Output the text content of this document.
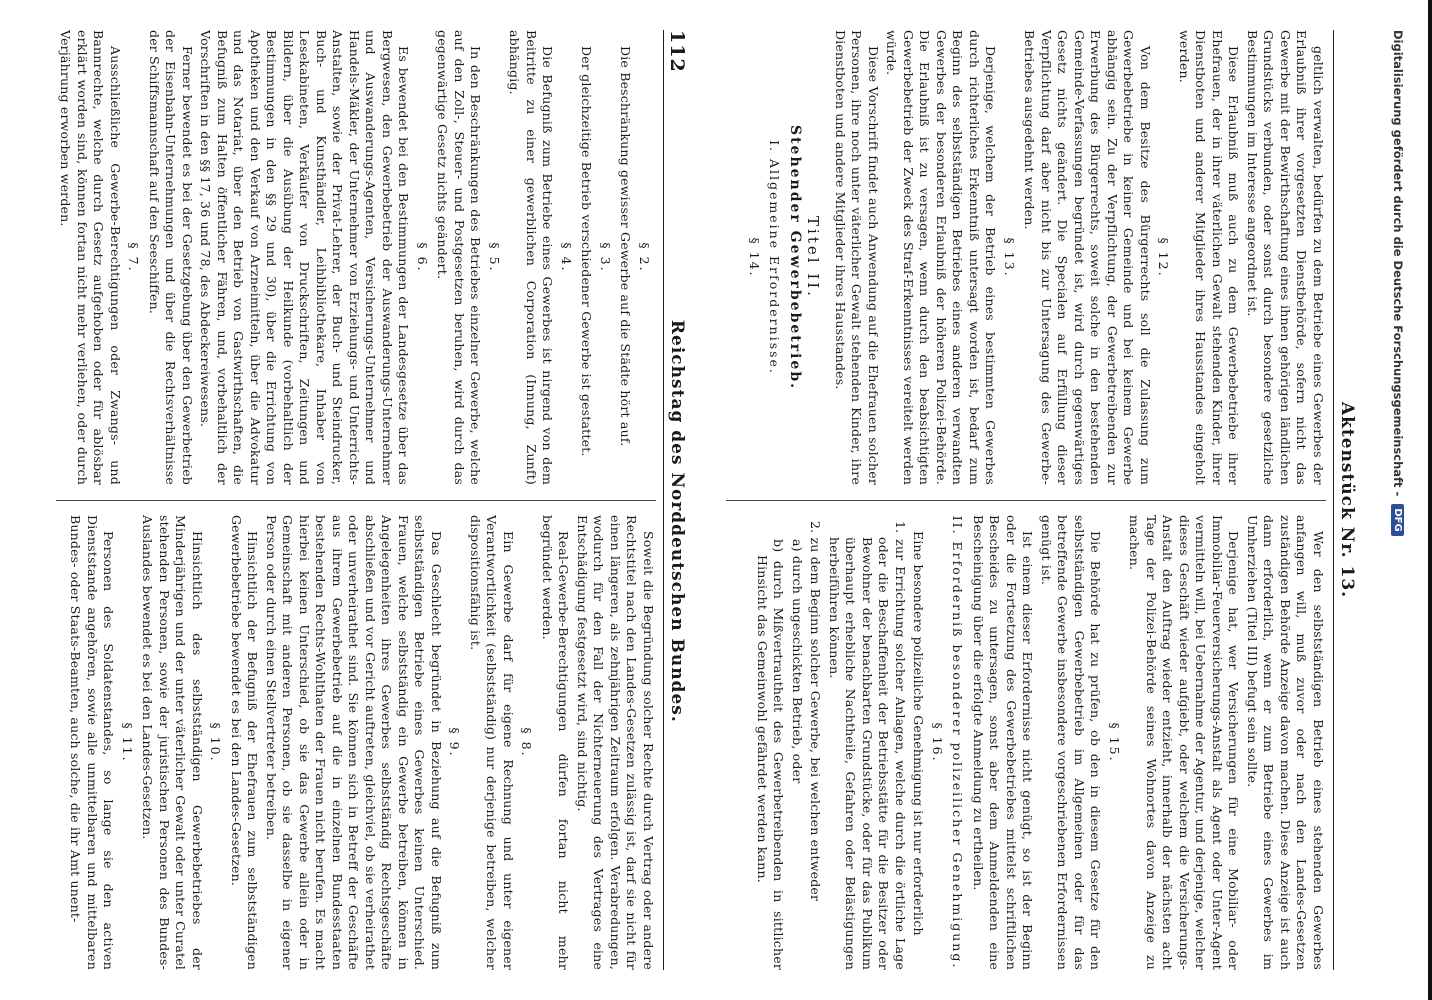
112
Reichstag des Norddeutschen Bundes.

§ 2.

Die Beschränkung gewisser Gewerbe auf die Städte hört auf.

§ 3.

Der gleichzeitige Betrieb verschiedener Gewerbe ist gestattet.

§ 4.

Die Befugniß zum Betriebe eines Gewerbes ist nirgend von dem Beitritte zu einer gewerblichen Corporation (Innung, Zunft) abhängig.

§ 5.

In den Beschränkungen des Betriebes einzelner Gewerbe, welche auf den Zoll-, Steuer- und Postgesetzen beruhen, wird durch das gegenwärtige Gesetz nichts geändert.

§ 6.

Es bewendet bei den Bestimmungen der Landesgesetze über das Bergwesen, den Gewerbebetrieb der Auswanderungs-Unternehmer und Auswanderungs-Agenten, Versicherungs-Unternehmer und Handels-Mäkler, der Unternehmer von Erziehungs- und Unterrichts-Anstalten, sowie der Privat-Lehrer, der Buch- und Steindrucker, Buch- und Kunsthändler, Leihbibliothekare, Inhaber von Lesekabineten, Verkäufer von Druckschriften, Zeitungen und Bildern, über die Ausübung der Heilkunde (vorbehaltlich der Bestimmungen in den §§ 29 und 30), über die Errichtung von Apotheken und den Verkauf von Arzneimitteln, über die Advokatur und das Notariat, über den Betrieb von Gastwirthschaften, die Befugniß zum Halten öffentlicher Fähren, und, vorbehaltlich der Vorschriften in den §§ 17, 36 und 78, des Abdeckereiwesens.

Ferner bewendet es bei der Gesetzgebung über den Gewerbetrieb der Eisenbahn-Unternehmungen und über die Rechtsverhältnisse der Schiffsmannschaft auf den Seeschiffen.

§ 7.

Ausschließliche Gewerbe-Berechtigungen oder Zwangs- und Bannrechte, welche durch Gesetz aufgehoben oder für ablösbar erklärt worden sind, können fortan nicht mehr verliehen, oder durch Verjährung erworben werden.

Soweit die Begründung solcher Rechte durch Vertrag oder andere Rechtstitel nach den Landes-Gesetzen zulässig ist, darf sie nicht für einen längeren, als zehnjährigen Zeitraum erfolgen. Verabredungen, wodurch für den Fall der Nichterneuerung des Vertrages eine Entschädigung festgesetzt wird, sind nichtig.

Real-Gewerbe-Berechtigungen dürfen fortan nicht mehr begründet werden.

§ 8.

Ein Gewerbe darf für eigene Rechnung und unter eigener Verantwortlichkeit (selbstständig) nur derjenige betreiben, welcher dispositionsfähig ist.

§ 9.

Das Geschlecht begründet in Beziehung auf die Befugniß zum selbstständigen Betriebe eines Gewerbes keinen Unterschied. Frauen, welche selbstständig ein Gewerbe betreiben, können in Angelegenheiten ihres Gewerbes selbstständig Rechtsgeschäfte abschließen und vor Gericht auftreten, gleichviel, ob sie verheirathet oder unverheirathet sind. Sie können sich in Betreff der Geschäfte aus ihrem Gewerbebetrieb auf die in einzelnen Bundesstaaten bestehenden Rechts-Wohlthaten der Frauen nicht berufen. Es macht hierbei keinen Unterschied, ob sie das Gewerbe allein oder in Gemeinschaft mit anderen Personen, ob sie dasselbe in eigener Person oder durch einen Stellvertreter betreiben.

Hinsichtlich der Befugniß der Ehefrauen zum selbstständigen Gewerbebetriebe bewendet es bei den Landes-Gesetzen.

§ 10.

Hinsichtlich des selbstständigen Gewerbebetriebes der Minderjährigen und der unter väterlicher Gewalt oder unter Curatel stehenden Personen, sowie der juristischen Personen des Bundes-Auslandes bewendet es bei den Landes-Gesetzen.

§ 11.

Personen des Soldatenstandes, so lange sie den activen Dienststande angehören, sowie alle unmittelbaren und mittelbaren Bundes- oder Staats-Beamten, auch solche, die ihr Amt unent-

Aktenstück Nr. 13.

geltlich verwalten, bedürfen zu dem Betriebe eines Gewerbes der Erlaubniß ihrer vorgesetzten Dienstbehörde, sofern nicht das Gewerbe mit der Bewirthschaftung eines ihnen gehörigen ländlichen Grundstücks verbunden, oder sonst durch besondere gesetzliche Bestimmungen im Interesse angeordnet ist.

Diese Erlaubniß muß auch zu dem Gewerbebetriebe ihrer Ehefrauen, der in ihrer väterlichen Gewalt stehenden Kinder, ihrer Dienstboten und anderer Mitglieder ihres Hausstandes eingeholt werden.

§ 12.

Von dem Besitze des Bürgerrechts soll die Zulassung zum Gewerbebetriebe in keiner Gemeinde und bei keinem Gewerbe abhängig sein. Zu der Verpflichtung, der Gewerbetreibenden zur Erwerbung des Bürgerrechts, soweit solche in den bestehenden Gemeinde-Verfassungen begründet ist, wird durch gegenwärtiges Gesetz nichts geändert. Die Specialen auf Erfüllung dieser Verpflichtung darf aber nicht bis zur Untersagung des Gewerbe-Betriebes ausgedehnt werden.

§ 13.

Derjenige, welchem der Betrieb eines bestimmten Gewerbes durch richterliches Erkenntniß untersagt worden ist, bedarf zum Beginn des selbstständigen Betriebes eines anderen verwandten Gewerbes der besonderen Erlaubniß der höheren Polizei-Behörde. Die Erlaubniß ist zu versagen, wenn durch den beabsichtigten Gewerbebetrieb der Zweck des Straf-Erkenntnisses vereitelt werden würde.

Diese Vorschrift findet auch Anwendung auf die Ehefrauen solcher Personen, ihre noch unter väterlicher Gewalt stehenden Kinder, ihre Dienstboten und andere Mitglieder ihres Hausstandes.

Titel II.

Stehender Gewerbebetrieb.

I. Allgemeine Erfordernisse.

§ 14.

Wer den selbstständigen Betrieb eines stehenden Gewerbes anfangen will, muß zuvor oder nach den Landes-Gesetzen zuständigen Behörde Anzeige davon machen. Diese Anzeige ist auch dann erforderlich, wenn er zum Betriebe eines Gewerbes im Umherziehen (Titel III) befugt sein sollte.

Derjenige hat, wer Versicherungen für eine Mobiliar- oder Immobiliar-Feuerversicherungs-Anstalt als Agent oder Unter-Agent vermitteln will, bei Uebernahme der Agentur, und derjenige, welcher dieses Geschäft wieder aufgiebt, oder welchem die Versicherungs-Anstalt den Auftrag wieder entzieht, innerhalb der nächsten acht Tage der Polizei-Behörde seines Wohnortes davon Anzeige zu machen.

§ 15.

Die Behörde hat zu prüfen, ob den in diesem Gesetze für den selbstständigen Gewerbebetrieb im Allgemeinen oder für das betreffende Gewerbe insbesondere vorgeschriebenen Erfordernissen genügt ist.

Ist einem dieser Erfordernisse nicht genügt, so ist der Beginn oder die Fortsetzung des Gewerbebetriebes mittelst schriftlichen Bescheides zu untersagen, sonst aber dem Anmeldenden eine Bescheinigung über die erfolgte Anmeldung zu ertheilen.

II. Erforderniß besonderer polizeilicher Genehmigung.

§ 16.

Eine besondere polizeiliche Genehmigung ist nur erforderlich

1. zur Errichtung solcher Anlagen, welche durch die örtliche Lage oder die Beschaffenheit der Betriebsstätte für die Besitzer oder Bewohner der benachbarten Grundstücke, oder für das Publikum überhaupt erhebliche Nachtheile, Gefahren oder Belästigungen herbeiführen können.

2. zu dem Beginn solcher Gewerbe, bei welchen entweder

a) durch ungeschickten Betrieb, oder

b) durch Mißvertrautheit des Gewerbetreibenden in sittlicher Hinsicht das Gemeinwohl gefährdet werden kann.

Digitalisierung gefördert durch die Deutsche Forschungsgemeinschaft -
DFG
